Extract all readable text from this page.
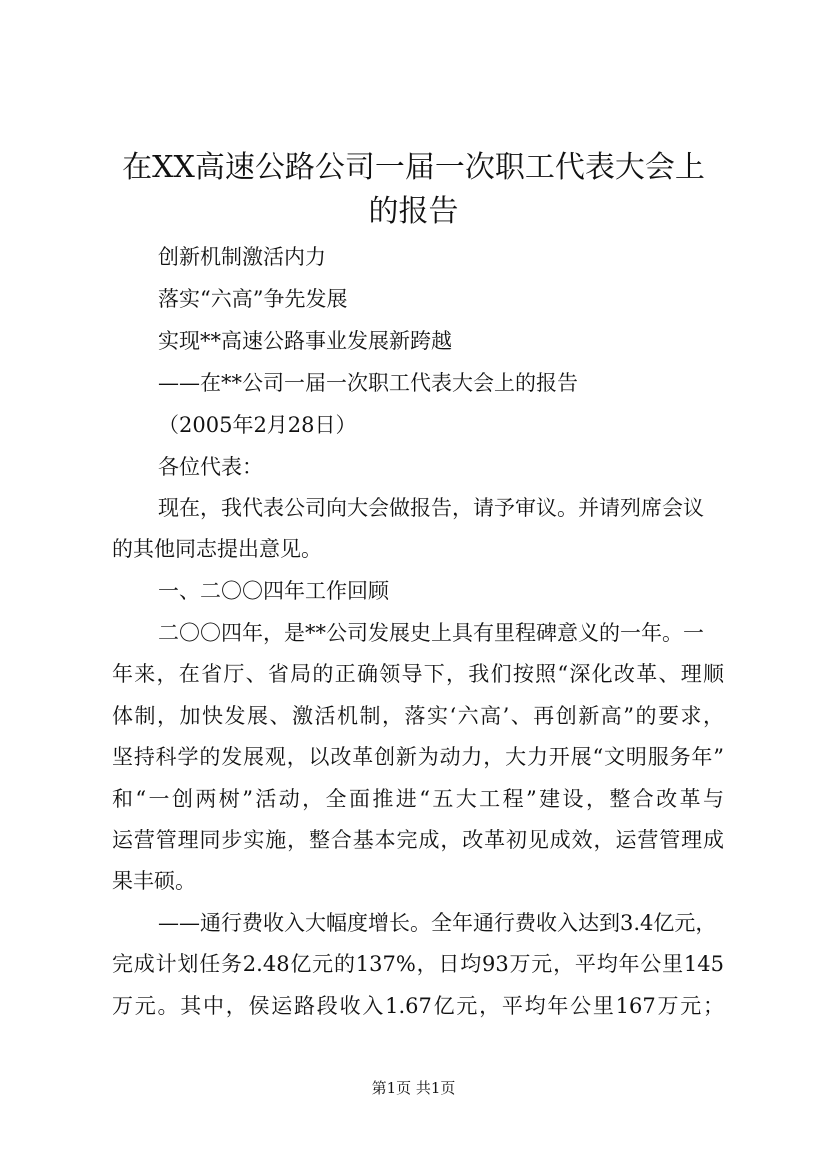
在XX高速公路公司一届一次职工代表大会上
的报告

创新机制激活内力

落实“六高”争先发展

实现**高速公路事业发展新跨越

——在**公司一届一次职工代表大会上的报告

（2005年2月28日）

各位代表：

现在，我代表公司向大会做报告，请予审议。并请列席会议

的其他同志提出意见。

一、二〇〇四年工作回顾

二〇〇四年，是**公司发展史上具有里程碑意义的一年。一

年来，在省厅、省局的正确领导下，我们按照“深化改革、理顺

体制，加快发展、激活机制，落实‘六高’、再创新高”的要求，

坚持科学的发展观，以改革创新为动力，大力开展“文明服务年”

和“一创两树”活动，全面推进“五大工程”建设，整合改革与

运营管理同步实施，整合基本完成，改革初见成效，运营管理成

果丰硕。

——通行费收入大幅度增长。全年通行费收入达到3.4亿元，

完成计划任务2.48亿元的137%，日均93万元，平均年公里145

万元。其中，侯运路段收入1.67亿元，平均年公里167万元；

第1页 共1页
